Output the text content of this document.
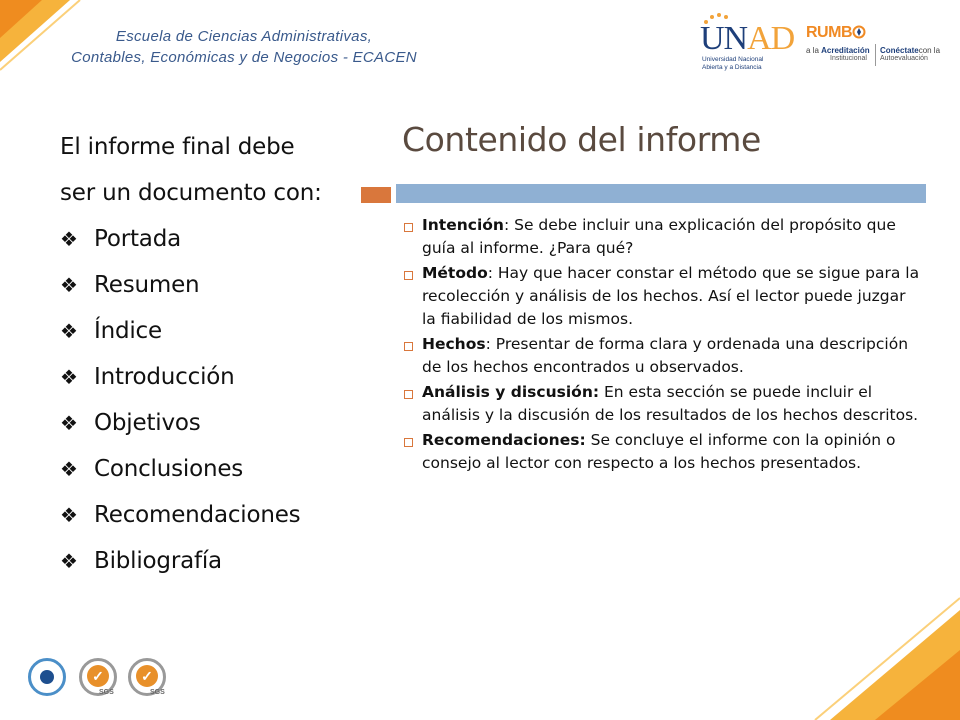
Escuela de Ciencias Administrativas,
Contables, Económicas y de Negocios - ECACEN
UNAD
Universidad Nacional
Abierta y a Distancia
RUMB
a la Acreditación
Institucional
Conéctatecon la
Autoevaluación
El informe final debe
ser un documento con:
❖ Portada
❖ Resumen
❖ Índice
❖ Introducción
❖ Objetivos
❖ Conclusiones
❖ Recomendaciones
❖ Bibliografía
Contenido del informe
Intención: Se debe incluir una explicación del propósito que guía al informe. ¿Para qué?
Método: Hay que hacer constar el método que se sigue para la recolección y análisis de los hechos. Así el lector puede juzgar la fiabilidad de los mismos.
Hechos: Presentar de forma clara y ordenada una descripción de los hechos encontrados u observados.
Análisis y discusión: En esta sección se puede incluir el análisis y la discusión de los resultados de los hechos descritos.
Recomendaciones: Se concluye el informe con la opinión o consejo al lector con respecto a los hechos presentados.
✓	✓
SGS	SGS
